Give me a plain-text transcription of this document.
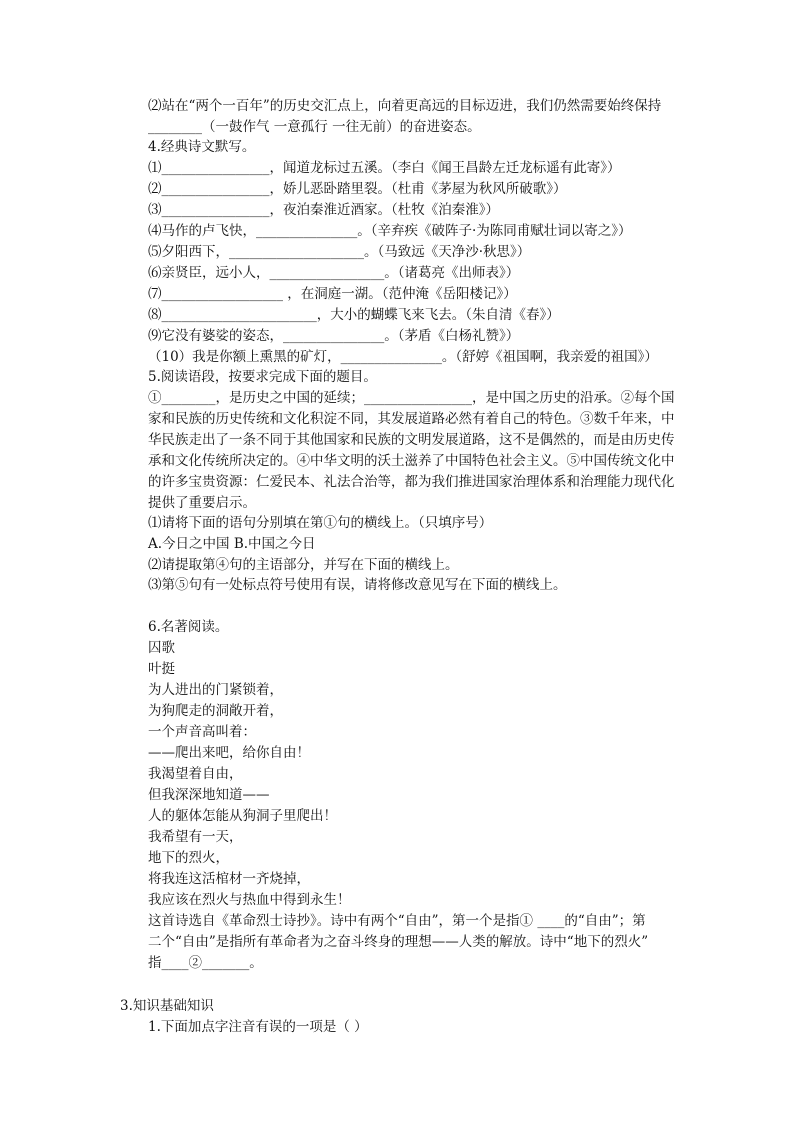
⑵站在“两个一百年”的历史交汇点上，向着更高远的目标迈进，我们仍然需要始终保持
________（一鼓作气 一意孤行 一往无前）的奋进姿态。
4.经典诗文默写。
⑴________________，闻道龙标过五溪。（李白《闻王昌龄左迁龙标遥有此寄》）
⑵________________，娇儿恶卧踏里裂。（杜甫《茅屋为秋风所破歌》）
⑶________________，夜泊秦淮近酒家。（杜牧《泊秦淮》）
⑷马作的卢飞快，_______________。（辛弃疾《破阵子·为陈同甫赋壮词以寄之》）
⑸夕阳西下，____________________。（马致远《天净沙·秋思》）
⑹亲贤臣，远小人，_________________。（诸葛亮《出师表》）
⑺__________________ ，在洞庭一湖。（范仲淹《岳阳楼记》）
⑻_______________________，大小的蝴蝶飞来飞去。（朱自清《春》）
⑼它没有婆娑的姿态，_______________。（茅盾《白杨礼赞》）
（10）我是你额上熏黑的矿灯，_______________。（舒婷《祖国啊，我亲爱的祖国》）
5.阅读语段，按要求完成下面的题目。
①________，是历史之中国的延续；________________，是中国之历史的沿承。②每个国
家和民族的历史传统和文化积淀不同，其发展道路必然有着自己的特色。③数千年来，中
华民族走出了一条不同于其他国家和民族的文明发展道路，这不是偶然的，而是由历史传
承和文化传统所决定的。④中华文明的沃土滋养了中国特色社会主义。⑤中国传统文化中
的许多宝贵资源：仁爱民本、礼法合治等，都为我们推进国家治理体系和治理能力现代化
提供了重要启示。
⑴请将下面的语句分别填在第①句的横线上。（只填序号）
A.今日之中国 B.中国之今日
⑵请提取第④句的主语部分，并写在下面的横线上。
⑶第⑤句有一处标点符号使用有误，请将修改意见写在下面的横线上。
6.名著阅读。
囚歌
叶挺
为人进出的门紧锁着，
为狗爬走的洞敞开着，
一个声音高叫着：
——爬出来吧，给你自由！
我渴望着自由，
但我深深地知道——
人的躯体怎能从狗洞子里爬出！
我希望有一天，
地下的烈火，
将我连这活棺材一齐烧掉，
我应该在烈火与热血中得到永生！
这首诗选自《革命烈士诗抄》。诗中有两个“自由”，第一个是指① ____的“自由”；第
二个“自由”是指所有革命者为之奋斗终身的理想——人类的解放。诗中“地下的烈火”
指____②_______。
3.知识基础知识
1.下面加点字注音有误的一项是（ ）
